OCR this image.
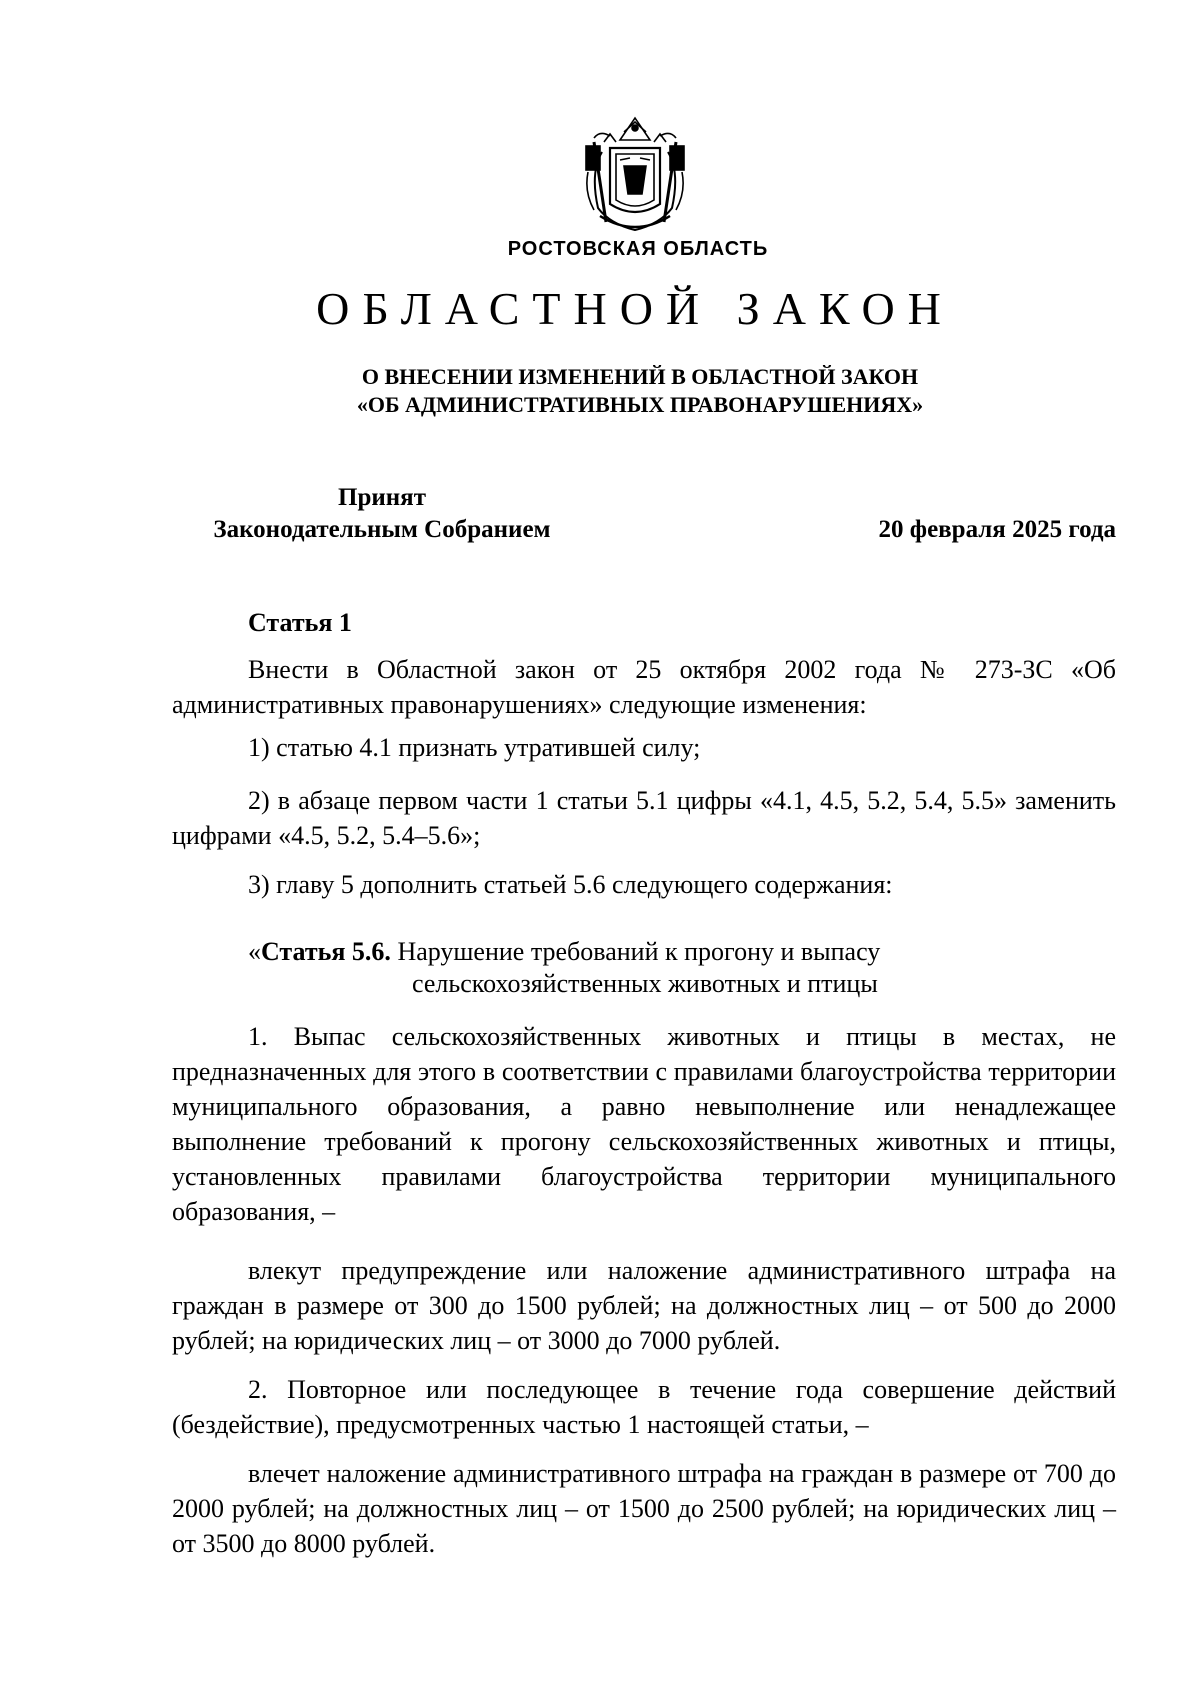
РОСТОВСКАЯ ОБЛАСТЬ
ОБЛАСТНОЙ ЗАКОН
О ВНЕСЕНИИ ИЗМЕНЕНИЙ В ОБЛАСТНОЙ ЗАКОН
«ОБ АДМИНИСТРАТИВНЫХ ПРАВОНАРУШЕНИЯХ»
Принят
Законодательным Собранием	20 февраля 2025 года
Статья 1

Внести в Областной закон от 25 октября 2002 года № 273-ЗС «Об административных правонарушениях» следующие изменения:

1) статью 4.1 признать утратившей силу;

2) в абзаце первом части 1 статьи 5.1 цифры «4.1, 4.5, 5.2, 5.4, 5.5» заменить цифрами «4.5, 5.2, 5.4–5.6»;

3) главу 5 дополнить статьей 5.6 следующего содержания:

«Статья 5.6. Нарушение требований к прогону и выпасу
сельскохозяйственных животных и птицы

1. Выпас сельскохозяйственных животных и птицы в местах, не предназначенных для этого в соответствии с правилами благоустройства территории муниципального образования, а равно невыполнение или ненадлежащее выполнение требований к прогону сельскохозяйственных животных и птицы, установленных правилами благоустройства территории муниципального образования, –

влекут предупреждение или наложение административного штрафа на граждан в размере от 300 до 1500 рублей; на должностных лиц – от 500 до 2000 рублей; на юридических лиц – от 3000 до 7000 рублей.

2. Повторное или последующее в течение года совершение действий (бездействие), предусмотренных частью 1 настоящей статьи, –

влечет наложение административного штрафа на граждан в размере от 700 до 2000 рублей; на должностных лиц – от 1500 до 2500 рублей; на юридических лиц – от 3500 до 8000 рублей.
